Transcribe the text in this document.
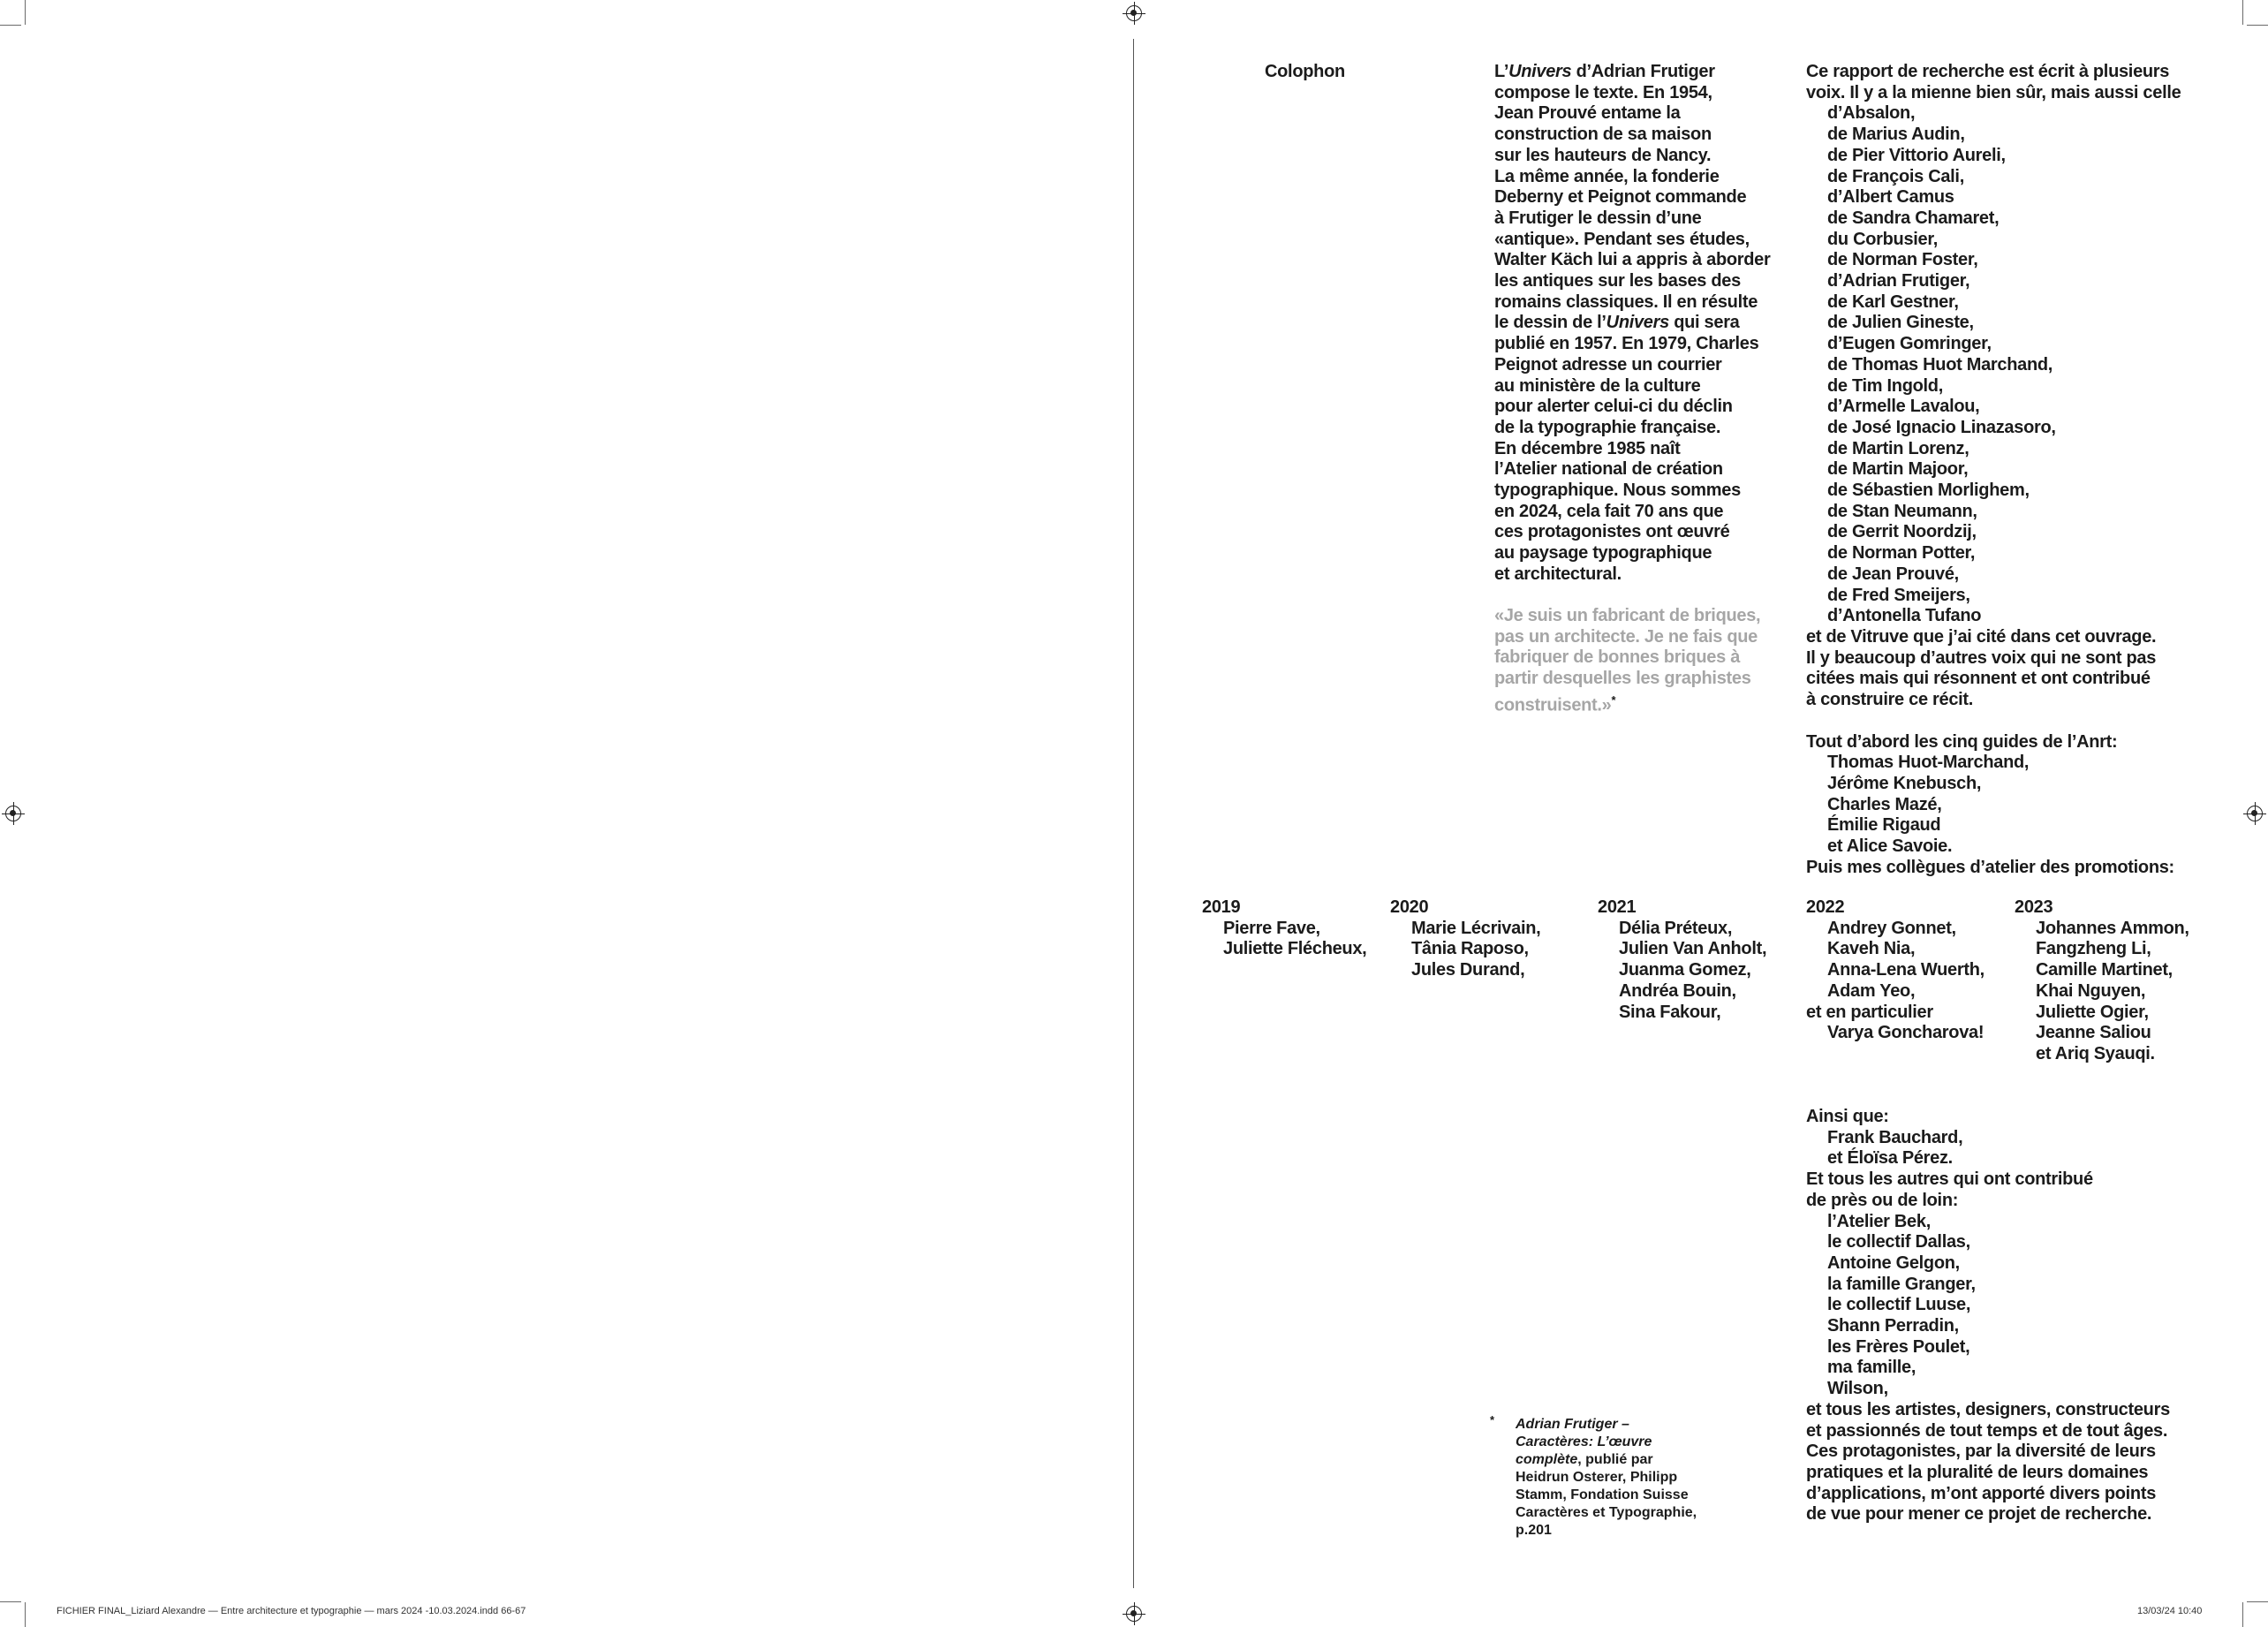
Colophon	L’Univers d’Adrian Frutiger
compose le texte. En 1954,
Jean Prouvé entame la
construction de sa maison
sur les hauteurs de Nancy.
La même année, la fonderie
Deberny et Peignot commande
à Frutiger le dessin d’une
«antique». Pendant ses études,
Walter Käch lui a appris à aborder
les antiques sur les bases des
romains classiques. Il en résulte
le dessin de l’Univers qui sera
publié en 1957. En 1979, Charles
Peignot adresse un courrier
au ministère de la culture
pour alerter celui-ci du déclin
de la typographie française.
En décembre 1985 naît
l’Atelier national de création
typographique. Nous sommes
en 2024, cela fait 70 ans que
ces protagonistes ont œuvré
au paysage typographique
et architectural.
«Je suis un fabricant de briques,
pas un architecte. Je ne fais que
fabriquer de bonnes briques à
partir desquelles les graphistes
construisent.»*
Ce rapport de recherche est écrit à plusieurs
voix. Il y a la mienne bien sûr, mais aussi celle
d’Absalon,
de Marius Audin,
de Pier Vittorio Aureli,
de François Cali,
d’Albert Camus
de Sandra Chamaret,
du Corbusier,
de Norman Foster,
d’Adrian Frutiger,
de Karl Gestner,
de Julien Gineste,
d’Eugen Gomringer,
de Thomas Huot Marchand,
de Tim Ingold,
d’Armelle Lavalou,
de José Ignacio Linazasoro,
de Martin Lorenz,
de Martin Majoor,
de Sébastien Morlighem,
de Stan Neumann,
de Gerrit Noordzij,
de Norman Potter,
de Jean Prouvé,
de Fred Smeijers,
d’Antonella Tufano
et de Vitruve que j’ai cité dans cet ouvrage.
Il y beaucoup d’autres voix qui ne sont pas
citées mais qui résonnent et ont contribué
à construire ce récit.

Tout d’abord les cinq guides de l’Anrt:
Thomas Huot-Marchand,
Jérôme Knebusch,
Charles Mazé,
Émilie Rigaud
et Alice Savoie.
Puis mes collègues d’atelier des promotions:
2019
Pierre Fave,
Juliette Flécheux,
2020
Marie Lécrivain,
Tânia Raposo,
Jules Durand,
2021
Délia Préteux,
Julien Van Anholt,
Juanma Gomez,
Andréa Bouin,
Sina Fakour,
2022
Andrey Gonnet,
Kaveh Nia,
Anna-Lena Wuerth,
Adam Yeo,
et en particulier
Varya Goncharova!
2023
Johannes Ammon,
Fangzheng Li,
Camille Martinet,
Khai Nguyen,
Juliette Ogier,
Jeanne Saliou
et Ariq Syauqi.
Ainsi que:
Frank Bauchard,
et Éloïsa Pérez.
Et tous les autres qui ont contribué
de près ou de loin:
l’Atelier Bek,
le collectif Dallas,
Antoine Gelgon,
la famille Granger,
le collectif Luuse,
Shann Perradin,
les Frères Poulet,
ma famille,
Wilson,
et tous les artistes, designers, constructeurs
et passionnés de tout temps et de tout âges.
Ces protagonistes, par la diversité de leurs
pratiques et la pluralité de leurs domaines
d’applications, m’ont apporté divers points
de vue pour mener ce projet de recherche.
* Adrian Frutiger –
Caractères: L’œuvre
complète, publié par
Heidrun Osterer, Philipp
Stamm, Fondation Suisse
Caractères et Typographie,
p.201
FICHIER FINAL_Liziard Alexandre — Entre architecture et typographie — mars 2024 -10.03.2024.indd 66-67	13/03/24 10:40
